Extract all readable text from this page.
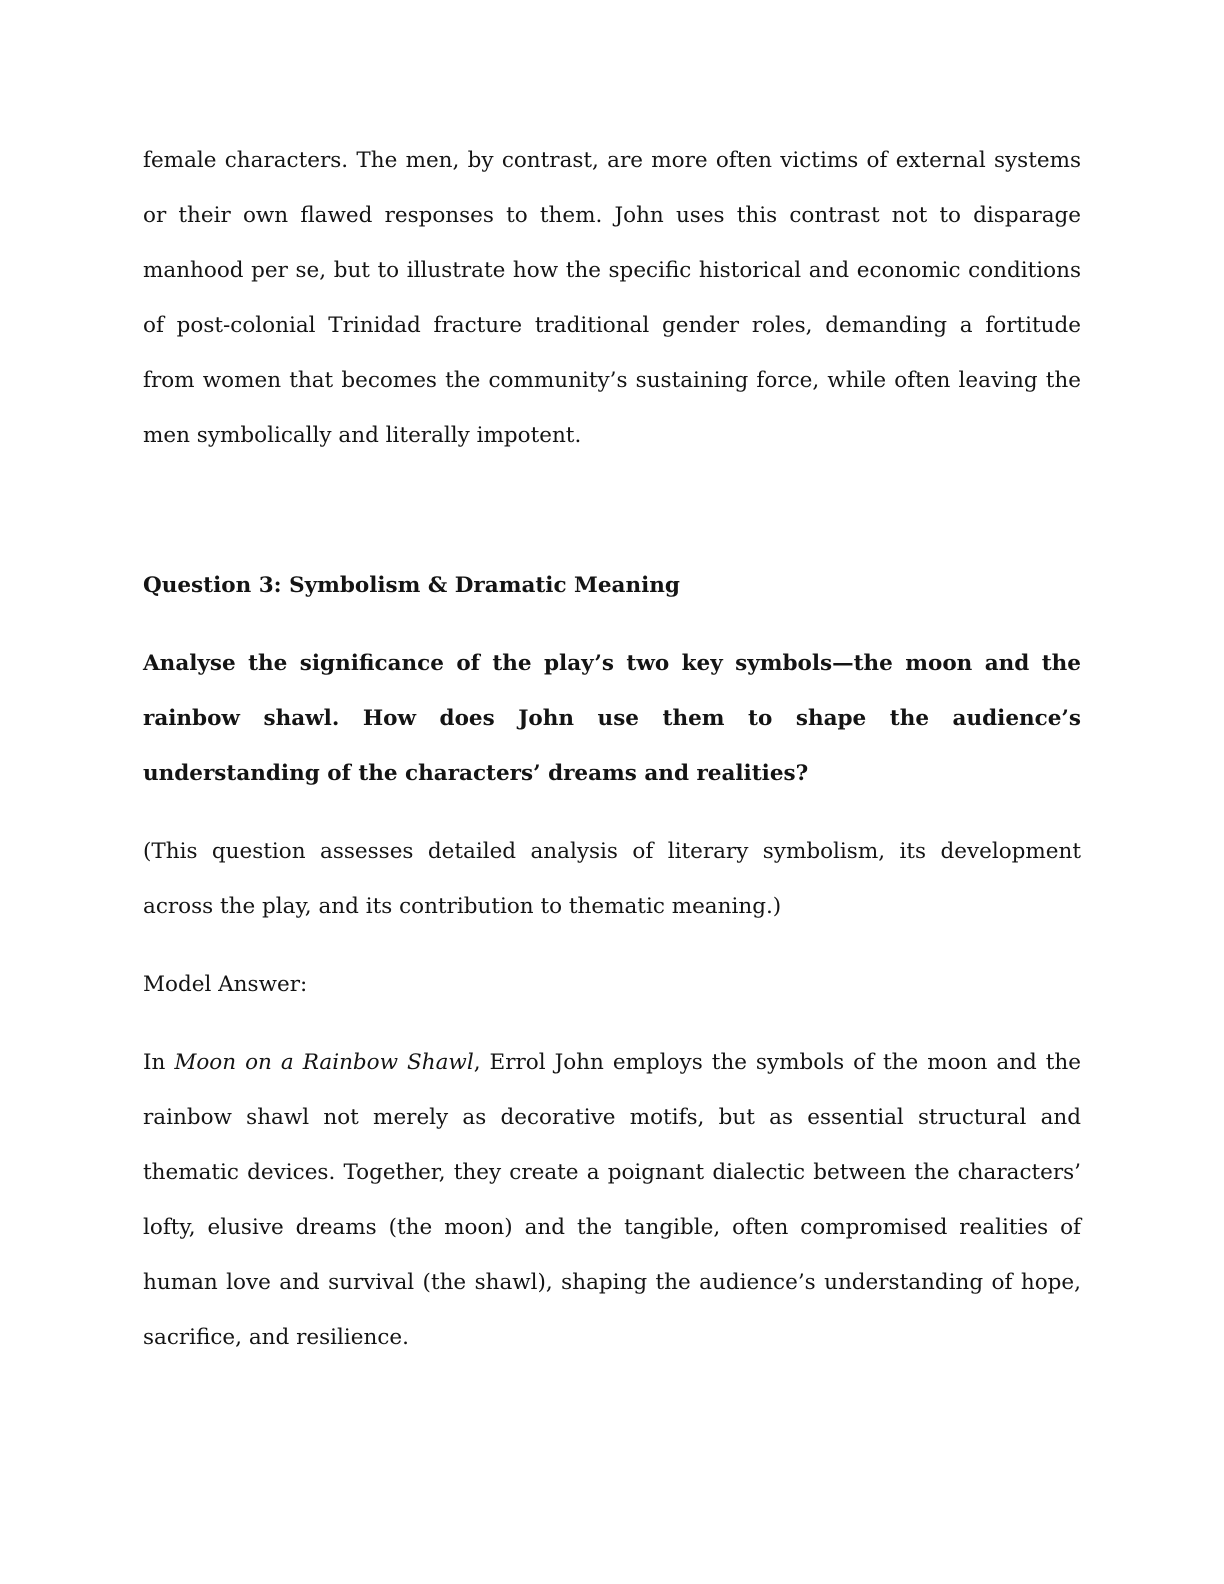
female characters. The men, by contrast, are more often victims of external systems or their own flawed responses to them. John uses this contrast not to disparage manhood per se, but to illustrate how the specific historical and economic conditions of post-colonial Trinidad fracture traditional gender roles, demanding a fortitude from women that becomes the community’s sustaining force, while often leaving the men symbolically and literally impotent.

Question 3: Symbolism & Dramatic Meaning

Analyse the significance of the play’s two key symbols—the moon and the rainbow shawl. How does John use them to shape the audience’s understanding of the characters’ dreams and realities?

(This question assesses detailed analysis of literary symbolism, its development across the play, and its contribution to thematic meaning.)

Model Answer:

In Moon on a Rainbow Shawl, Errol John employs the symbols of the moon and the rainbow shawl not merely as decorative motifs, but as essential structural and thematic devices. Together, they create a poignant dialectic between the characters’ lofty, elusive dreams (the moon) and the tangible, often compromised realities of human love and survival (the shawl), shaping the audience’s understanding of hope, sacrifice, and resilience.
